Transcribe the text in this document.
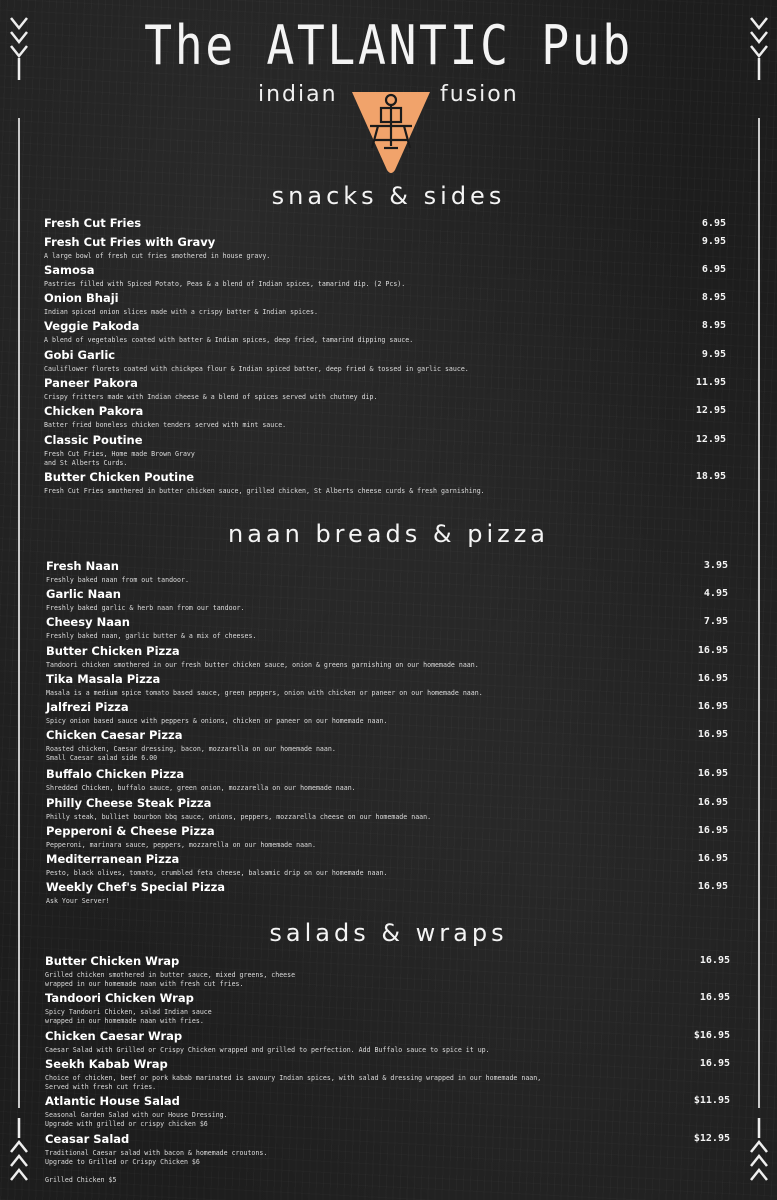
The ATLANTIC Pub
indian	fusion
snacks & sides
naan breads & pizza
salads & wraps
Fresh Cut Fries	6.95
Fresh Cut Fries with Gravy
A large bowl of fresh cut fries smothered in house gravy.
9.95
Samosa
Pastries filled with Spiced Potato, Peas & a blend of Indian spices, tamarind dip. (2 Pcs).
6.95
Onion Bhaji
Indian spiced onion slices made with a crispy batter & Indian spices.
8.95
Veggie Pakoda
A blend of vegetables coated with batter & Indian spices, deep fried, tamarind dipping sauce.
8.95
Gobi Garlic
Cauliflower florets coated with chickpea flour & Indian spiced batter, deep fried & tossed in garlic sauce.
9.95
Paneer Pakora
Crispy fritters made with Indian cheese & a blend of spices served with chutney dip.
11.95
Chicken Pakora
Batter fried boneless chicken tenders served with mint sauce.
12.95
Classic Poutine
Fresh Cut Fries, Home made Brown Gravy
and St Alberts Curds.
12.95
Butter Chicken Poutine
Fresh Cut Fries smothered in butter chicken sauce, grilled chicken, St Alberts cheese curds & fresh garnishing.
18.95
Fresh Naan
Freshly baked naan from out tandoor.
3.95
Garlic Naan
Freshly baked garlic & herb naan from our tandoor.
4.95
Cheesy Naan
Freshly baked naan, garlic butter & a mix of cheeses.
7.95
Butter Chicken Pizza
Tandoori chicken smothered in our fresh butter chicken sauce, onion & greens garnishing on our homemade naan.
16.95
Tika Masala Pizza
Masala is a medium spice tomato based sauce, green peppers, onion with chicken or paneer on our homemade naan.
16.95
Jalfrezi Pizza
Spicy onion based sauce with peppers & onions, chicken or paneer on our homemade naan.
16.95
Chicken Caesar Pizza
Roasted chicken, Caesar dressing, bacon, mozzarella on our homemade naan.
Small Caesar salad side 6.00
16.95
Buffalo Chicken Pizza
Shredded Chicken, buffalo sauce, green onion, mozzarella on our homemade naan.
16.95
Philly Cheese Steak Pizza
Philly steak, bulliet bourbon bbq sauce, onions, peppers, mozzarella cheese on our homemade naan.
16.95
Pepperoni & Cheese Pizza
Pepperoni, marinara sauce, peppers, mozzarella on our homemade naan.
16.95
Mediterranean Pizza
Pesto, black olives, tomato, crumbled feta cheese, balsamic drip on our homemade naan.
16.95
Weekly Chef's Special Pizza
Ask Your Server!
16.95
Butter Chicken Wrap
Grilled chicken smothered in butter sauce, mixed greens, cheese
wrapped in our homemade naan with fresh cut fries.
16.95
Tandoori Chicken Wrap
Spicy Tandoori Chicken, salad Indian sauce
wrapped in our homemade naan with fries.
16.95
Chicken Caesar Wrap
Caesar Salad with Grilled or Crispy Chicken wrapped and grilled to perfection. Add Buffalo sauce to spice it up.
$16.95
Seekh Kabab Wrap
Choice of chicken, beef or pork kabab marinated is savoury Indian spices, with salad & dressing wrapped in our homemade naan,
Served with fresh cut fries.
16.95
Atlantic House Salad
Seasonal Garden Salad with our House Dressing.
Upgrade with grilled or crispy chicken $6
$11.95
Ceasar Salad
Traditional Caesar salad with bacon & homemade croutons.
Upgrade to Grilled or Crispy Chicken $6

Grilled Chicken $5
$12.95
